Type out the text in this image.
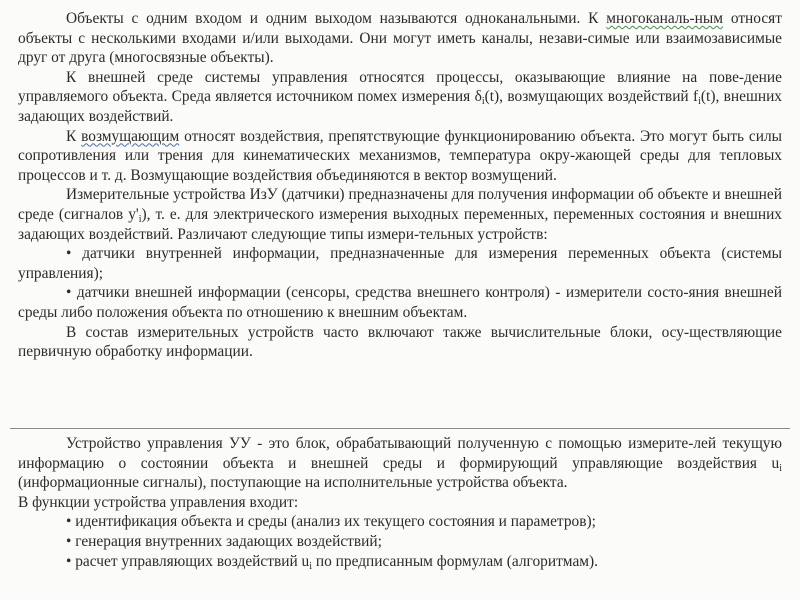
Объекты с одним входом и одним выходом называются одноканальными. К многоканаль-ным относят объекты с несколькими входами и/или выходами. Они могут иметь каналы, незави-симые или взаимозависимые друг от друга (многосвязные объекты).

К внешней среде системы управления относятся процессы, оказывающие влияние на пове-дение управляемого объекта. Среда является источником помех измерения $\delta_i(t)$, возмущающих воздействий $f_i(t)$, внешних задающих воздействий.

К возмущающим относят воздействия, препятствующие функционированию объекта. Это могут быть силы сопротивления или трения для кинематических механизмов, температура окру-жающей среды для тепловых процессов и т. д. Возмущающие воздействия объединяются в вектор возмущений.

Измерительные устройства ИзУ (датчики) предназначены для получения информации об объекте и внешней среде (сигналов $y'_i$), т. е. для электрического измерения выходных переменных, переменных состояния и внешних задающих воздействий. Различают следующие типы измери-тельных устройств:

• датчики внутренней информации, предназначенные для измерения переменных объекта (системы управления);

• датчики внешней информации (сенсоры, средства внешнего контроля) - измерители состо-яния внешней среды либо положения объекта по отношению к внешним объектам.

В состав измерительных устройств часто включают также вычислительные блоки, осу-ществляющие первичную обработку информации.

Устройство управления УУ - это блок, обрабатывающий полученную с помощью измерите-лей текущую информацию о состоянии объекта и внешней среды и формирующий управляющие воздействия $u_i$ (информационные сигналы), поступающие на исполнительные устройства объекта.

В функции устройства управления входит:

• идентификация объекта и среды (анализ их текущего состояния и параметров);

• генерация внутренних задающих воздействий;

• расчет управляющих воздействий $u_i$ по предписанным формулам (алгоритмам).
